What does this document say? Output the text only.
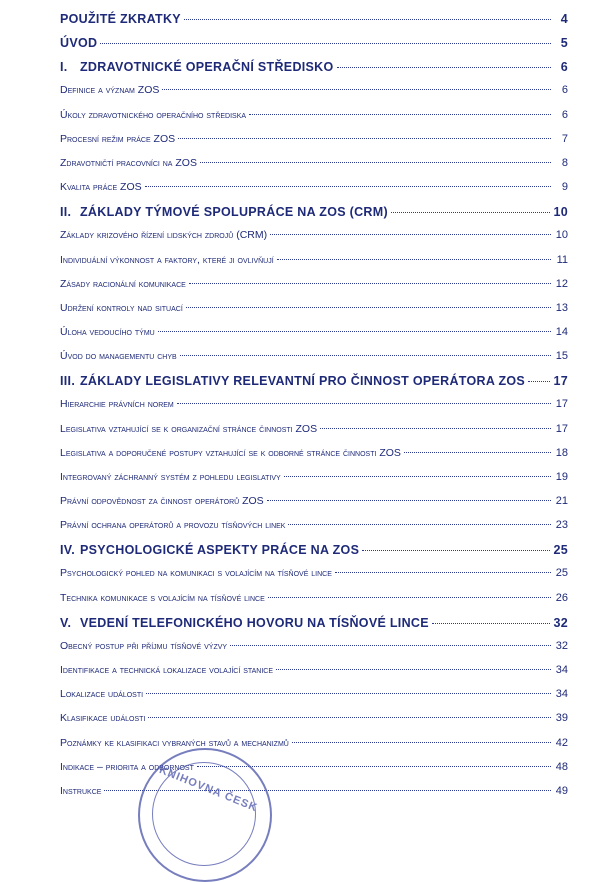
POUŽITÉ ZKRATKY	4
ÚVOD	5
I. ZDRAVOTNICKÉ OPERAČNÍ STŘEDISKO	6
Definice a význam ZOS	6
Úkoly zdravotnického operačního střediska	6
Procesní režim práce ZOS	7
Zdravotničtí pracovníci na ZOS	8
Kvalita práce ZOS	9
II. ZÁKLADY TÝMOVÉ SPOLUPRÁCE NA ZOS (CRM)	10
Základy krizového řízení lidských zdrojů (CRM)	10
Individuální výkonnost a faktory, které ji ovlivňují	11
Zásady racionální komunikace	12
Udržení kontroly nad situací	13
Úloha vedoucího týmu	14
Úvod do managementu chyb	15
III. ZÁKLADY LEGISLATIVY RELEVANTNÍ PRO ČINNOST OPERÁTORA ZOS 17
Hierarchie právních norem	17
Legislativa vztahující se k organizační stránce činnosti ZOS	17
Legislativa a doporučené postupy vztahující se k odborné stránce činnosti ZOS	18
Integrovaný záchranný systém z pohledu legislativy	19
Právní odpovědnost za činnost operátorů ZOS	21
Právní ochrana operátorů a provozu tísňových linek	23
IV. PSYCHOLOGICKÉ ASPEKTY PRÁCE NA ZOS	25
Psychologický pohled na komunikaci s volajícím na tísňové lince	25
Technika komunikace s volajícím na tísňové lince	26
V. VEDENÍ TELEFONICKÉHO HOVORU NA TÍSŇOVÉ LINCE	32
Obecný postup při příjmu tísňové výzvy	32
Identifikace a technická lokalizace volající stanice	34
Lokalizace události	34
Klasifikace události	39
Poznámky ke klasifikaci vybraných stavů a mechanizmů	42
Indikace – priorita a odbornost	48
Instrukce	49
KNIHOVNA ČESK
